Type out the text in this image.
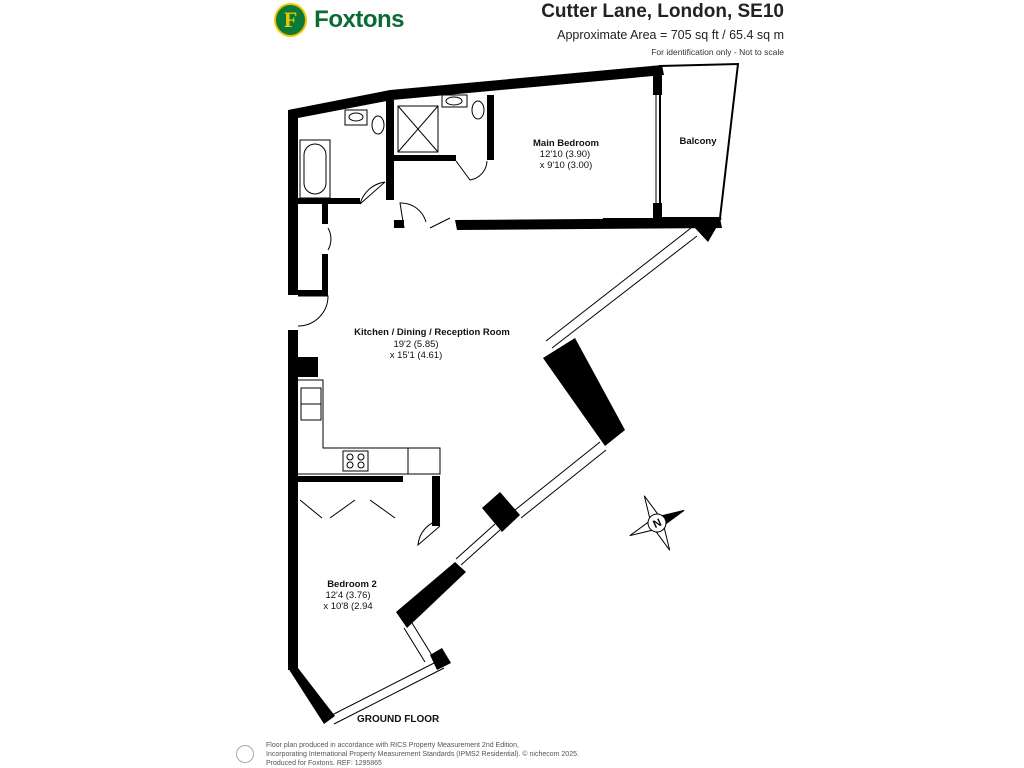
F Foxtons	Cutter Lane, London, SE10
Approximate Area = 705 sq ft / 65.4 sq m
For identification only - Not to scale
Main Bedroom
12'10 (3.90)
x 9'10 (3.00)
Balcony
Kitchen / Dining / Reception Room
19'2 (5.85)
x 15'1 (4.61)
Bedroom 2
12'4 (3.76)
x 10'8 (2.94
N
GROUND FLOOR
Floor plan produced in accordance with RICS Property Measurement 2nd Edition,
Incorporating International Property Measurement Standards (IPMS2 Residential). © nichecom 2025.
Produced for Foxtons. REF: 1295865
